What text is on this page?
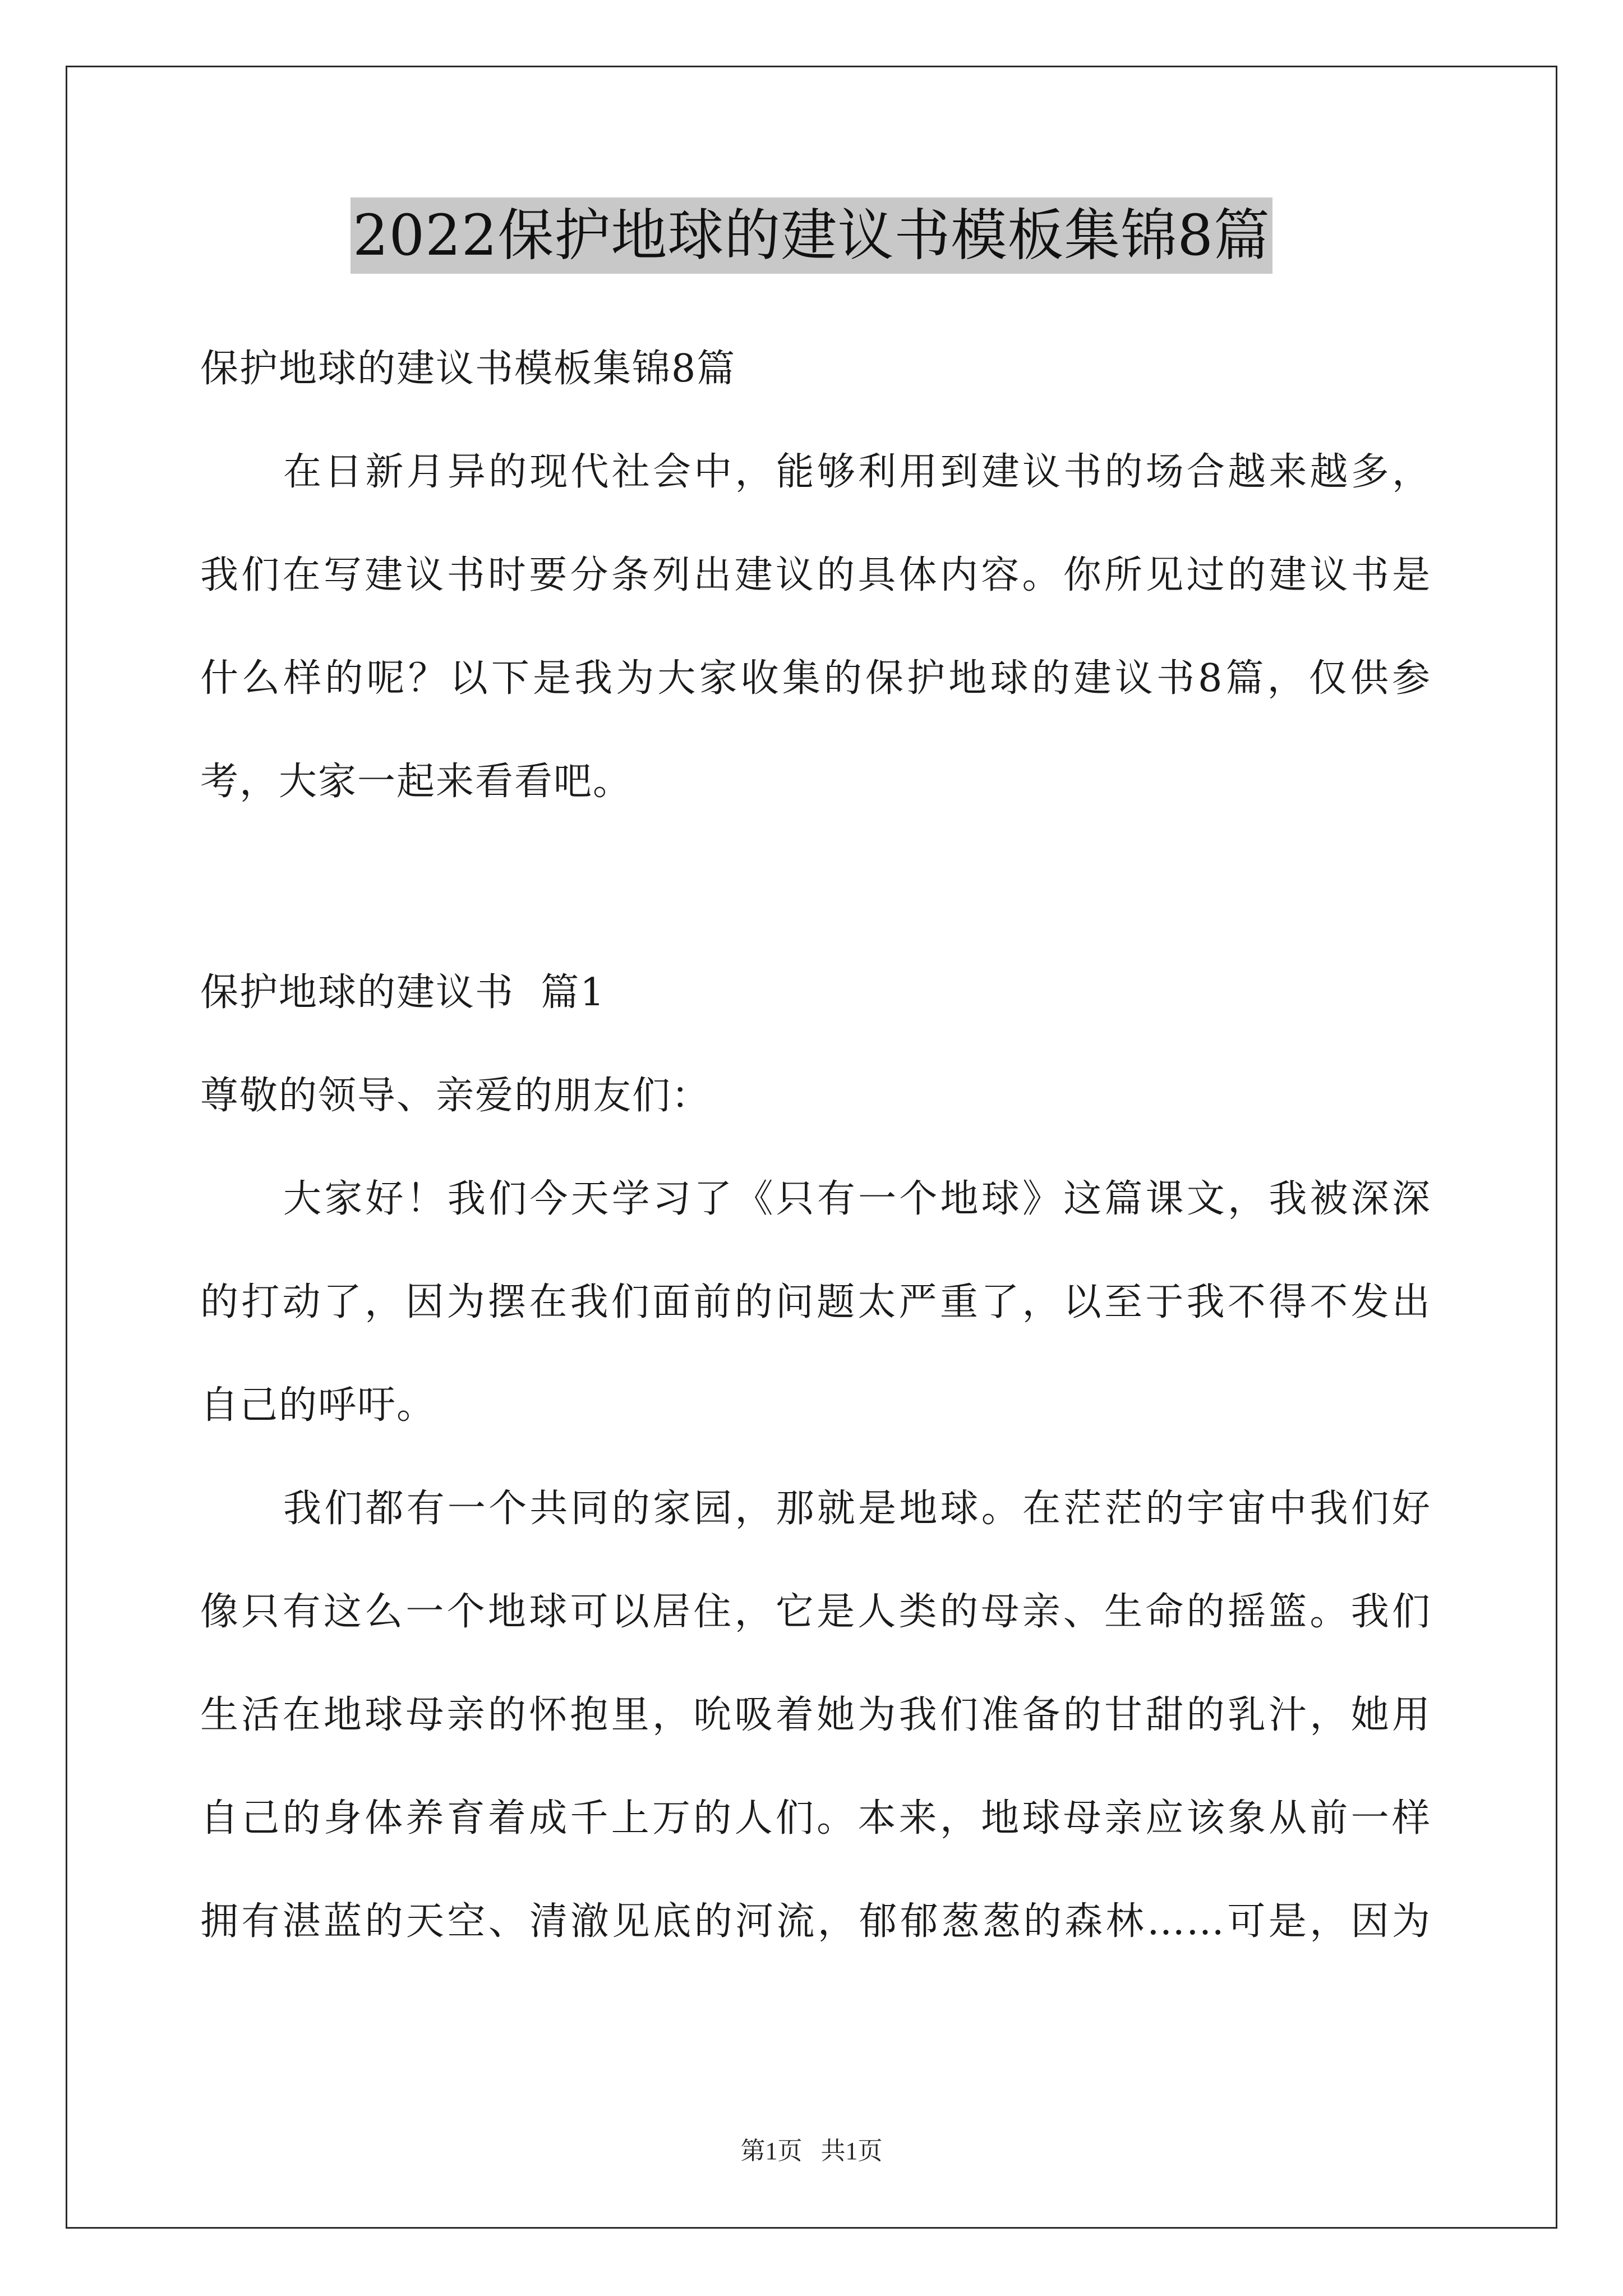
2022保护地球的建议书模板集锦8篇
保护地球的建议书模板集锦8篇
在日新月异的现代社会中，能够利用到建议书的场合越来越多，
我们在写建议书时要分条列出建议的具体内容。你所见过的建议书是
什么样的呢？以下是我为大家收集的保护地球的建议书8篇，仅供参
考，大家一起来看看吧。
保护地球的建议书  篇1
尊敬的领导、亲爱的朋友们：
大家好！我们今天学习了《只有一个地球》这篇课文，我被深深
的打动了，因为摆在我们面前的问题太严重了，以至于我不得不发出
自己的呼吁。
我们都有一个共同的家园，那就是地球。在茫茫的宇宙中我们好
像只有这么一个地球可以居住，它是人类的母亲、生命的摇篮。我们
生活在地球母亲的怀抱里，吮吸着她为我们准备的甘甜的乳汁，她用
自己的身体养育着成千上万的人们。本来，地球母亲应该象从前一样
拥有湛蓝的天空、清澈见底的河流，郁郁葱葱的森林……可是，因为
第1页   共1页
